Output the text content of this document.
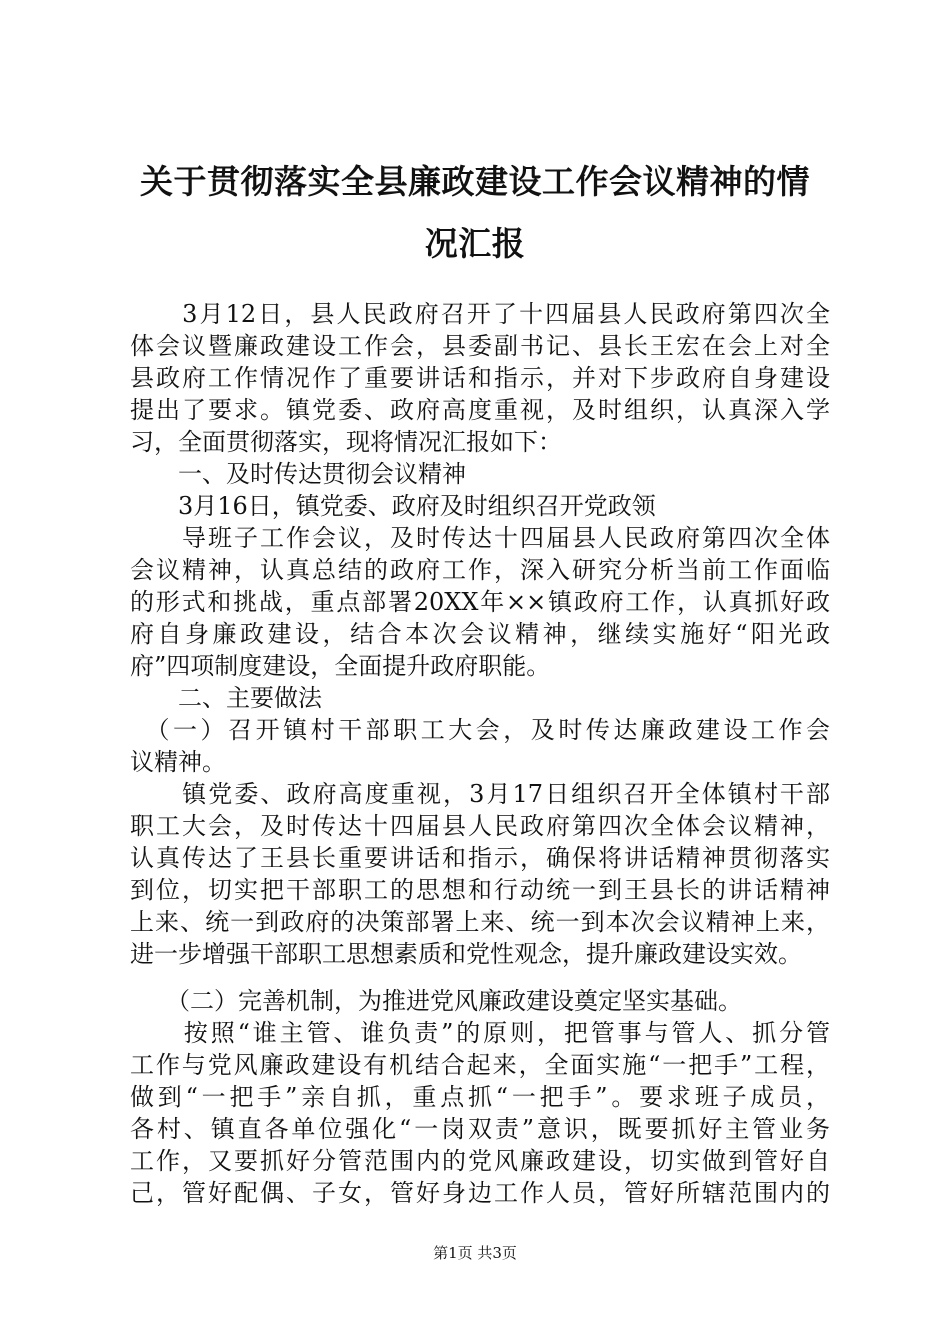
关于贯彻落实全县廉政建设工作会议精神的情
况汇报
　　3月12日，县人民政府召开了十四届县人民政府第四次全
体会议暨廉政建设工作会，县委副书记、县长王宏在会上对全
县政府工作情况作了重要讲话和指示，并对下步政府自身建设
提出了要求。镇党委、政府高度重视，及时组织，认真深入学
习，全面贯彻落实，现将情况汇报如下：
　　一、及时传达贯彻会议精神
　　3月16日，镇党委、政府及时组织召开党政领
　　导班子工作会议，及时传达十四届县人民政府第四次全体
会议精神，认真总结的政府工作，深入研究分析当前工作面临
的形式和挑战，重点部署20XX年××镇政府工作，认真抓好政
府自身廉政建设，结合本次会议精神，继续实施好“阳光政
府”四项制度建设，全面提升政府职能。
　　二、主要做法
　（一）召开镇村干部职工大会，及时传达廉政建设工作会
议精神。
　　镇党委、政府高度重视，3月17日组织召开全体镇村干部
职工大会，及时传达十四届县人民政府第四次全体会议精神，
认真传达了王县长重要讲话和指示，确保将讲话精神贯彻落实
到位，切实把干部职工的思想和行动统一到王县长的讲话精神
上来、统一到政府的决策部署上来、统一到本次会议精神上来，
进一步增强干部职工思想素质和党性观念，提升廉政建设实效。
　　（二）完善机制，为推进党风廉政建设奠定坚实基础。
　　按照“谁主管、谁负责”的原则，把管事与管人、抓分管
工作与党风廉政建设有机结合起来，全面实施“一把手”工程，
做到“一把手”亲自抓，重点抓“一把手”。要求班子成员，
各村、镇直各单位强化“一岗双责”意识，既要抓好主管业务
工作，又要抓好分管范围内的党风廉政建设，切实做到管好自
己，管好配偶、子女，管好身边工作人员，管好所辖范围内的
第1页 共3页
